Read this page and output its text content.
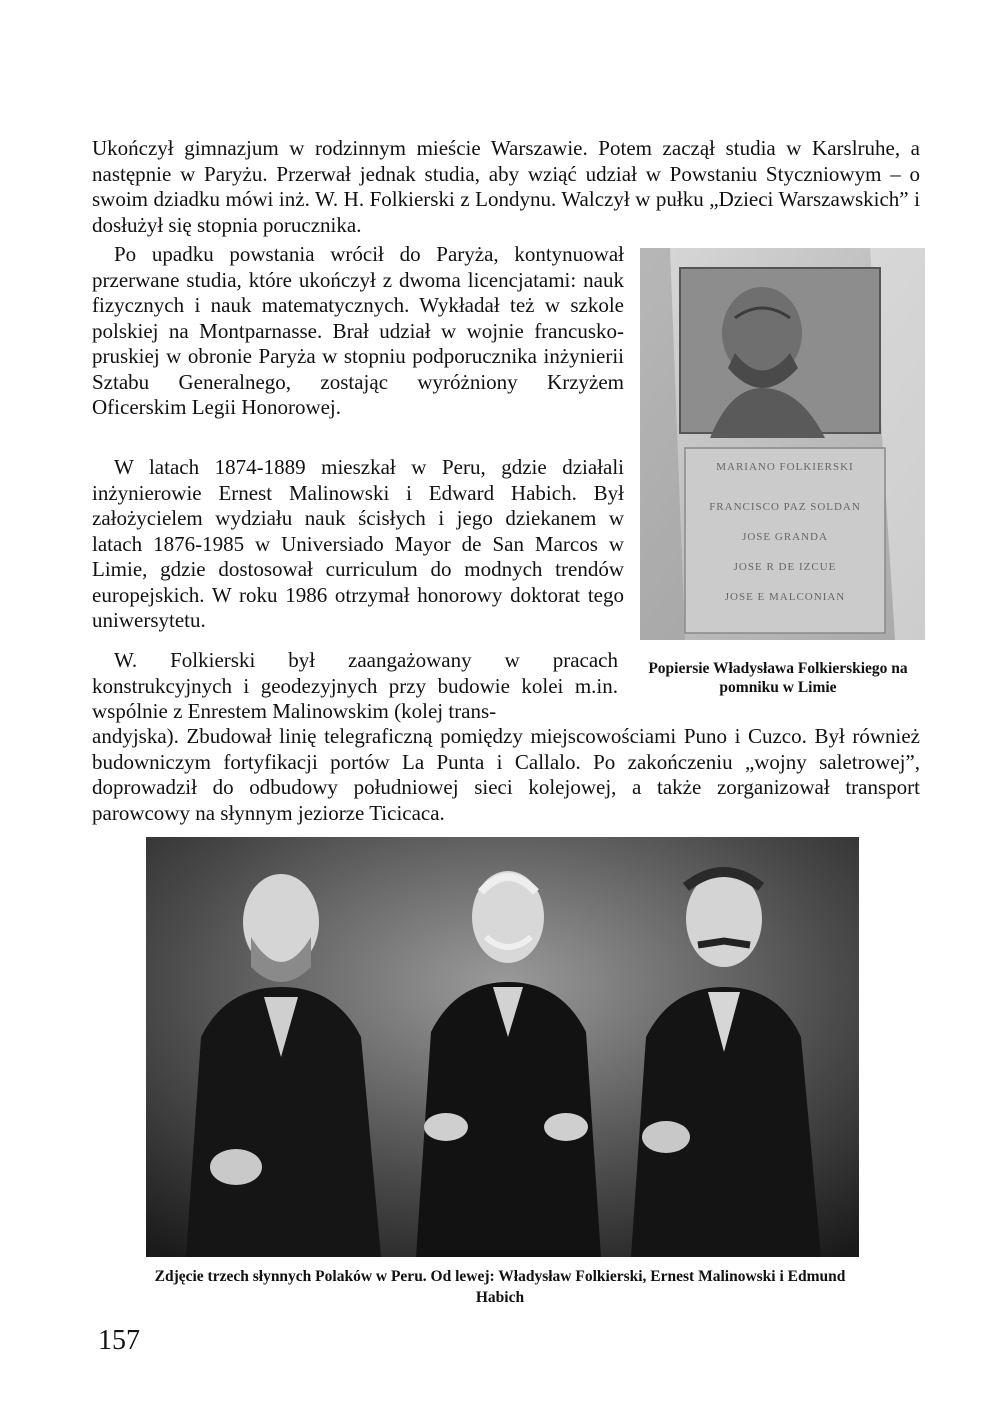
Ukończył gimnazjum w rodzinnym mieście Warszawie. Potem zaczął studia w Karslruhe, a następnie w Paryżu. Przerwał jednak studia, aby wziąć udział w Powstaniu Styczniowym – o swoim dziadku mówi inż. W. H. Folkierski z Londynu. Walczył w pułku „Dzieci Warszawskich” i dosłużył się stopnia porucznika.

Po upadku powstania wrócił do Paryża, kontynuował przerwane studia, które ukończył z dwoma licencjatami: nauk fizycznych i nauk matematycznych. Wykładał też w szkole polskiej na Montparnasse. Brał udział w wojnie francusko-pruskiej w obronie Paryża w stopniu podporucznika inżynierii Sztabu Generalnego, zostając wyróżniony Krzyżem Oficerskim Legii Honorowej.

W latach 1874-1889 mieszkał w Peru, gdzie działali inżynierowie Ernest Malinowski i Edward Habich. Był założycielem wydziału nauk ścisłych i jego dziekanem w latach 1876-1985 w Universiado Mayor de San Marcos w Limie, gdzie dostosował curriculum do modnych trendów europejskich. W roku 1986 otrzymał honorowy doktorat tego uniwersytetu.

W. Folkierski był zaangażowany w pracach konstrukcyjnych i geodezyjnych przy budowie kolei m.in. wspólnie z Enrestem Malinowskim (kolej trans-

andyjska). Zbudował linię telegraficzną pomiędzy miejscowościami Puno i Cuzco. Był również budowniczym fortyfikacji portów La Punta i Callalo. Po zakończeniu „wojny saletrowej”, doprowadził do odbudowy południowej sieci kolejowej, a także zorganizował transport parowcowy na słynnym jeziorze Ticicaca.

MARIANO FOLKIERSKI
FRANCISCO PAZ SOLDAN
JOSE GRANDA
JOSE R DE IZCUE
JOSE E MALCONIAN

Popiersie Władysława Folkierskiego na pomniku w Limie

Zdjęcie trzech słynnych Polaków w Peru. Od lewej: Władysław Folkierski, Ernest Malinowski i Edmund Habich

157
